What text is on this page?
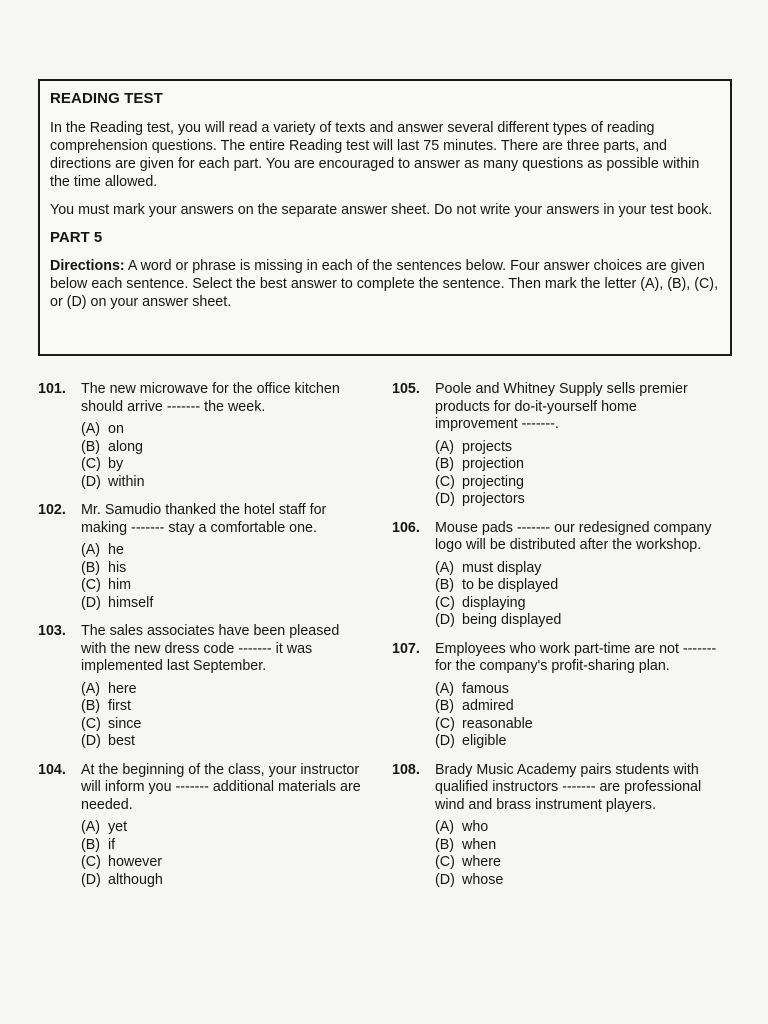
READING TEST

In the Reading test, you will read a variety of texts and answer several different types of reading comprehension questions. The entire Reading test will last 75 minutes. There are three parts, and directions are given for each part. You are encouraged to answer as many questions as possible within the time allowed.

You must mark your answers on the separate answer sheet. Do not write your answers in your test book.

PART 5

Directions: A word or phrase is missing in each of the sentences below. Four answer choices are given below each sentence. Select the best answer to complete the sentence. Then mark the letter (A), (B), (C), or (D) on your answer sheet.

101.	The new microwave for the office kitchen should arrive ------- the week.
(A) on
(B) along
(C) by
(D) within
102.	Mr. Samudio thanked the hotel staff for making ------- stay a comfortable one.
(A) he
(B) his
(C) him
(D) himself
103.	The sales associates have been pleased with the new dress code ------- it was implemented last September.
(A) here
(B) first
(C) since
(D) best
104.	At the beginning of the class, your instructor will inform you ------- additional materials are needed.
(A) yet
(B) if
(C) however
(D) although
105.	Poole and Whitney Supply sells premier products for do-it-yourself home improvement -------.
(A) projects
(B) projection
(C) projecting
(D) projectors
106.	Mouse pads ------- our redesigned company logo will be distributed after the workshop.
(A) must display
(B) to be displayed
(C) displaying
(D) being displayed
107.	Employees who work part-time are not ------- for the company's profit-sharing plan.
(A) famous
(B) admired
(C) reasonable
(D) eligible
108.	Brady Music Academy pairs students with qualified instructors ------- are professional wind and brass instrument players.
(A) who
(B) when
(C) where
(D) whose
